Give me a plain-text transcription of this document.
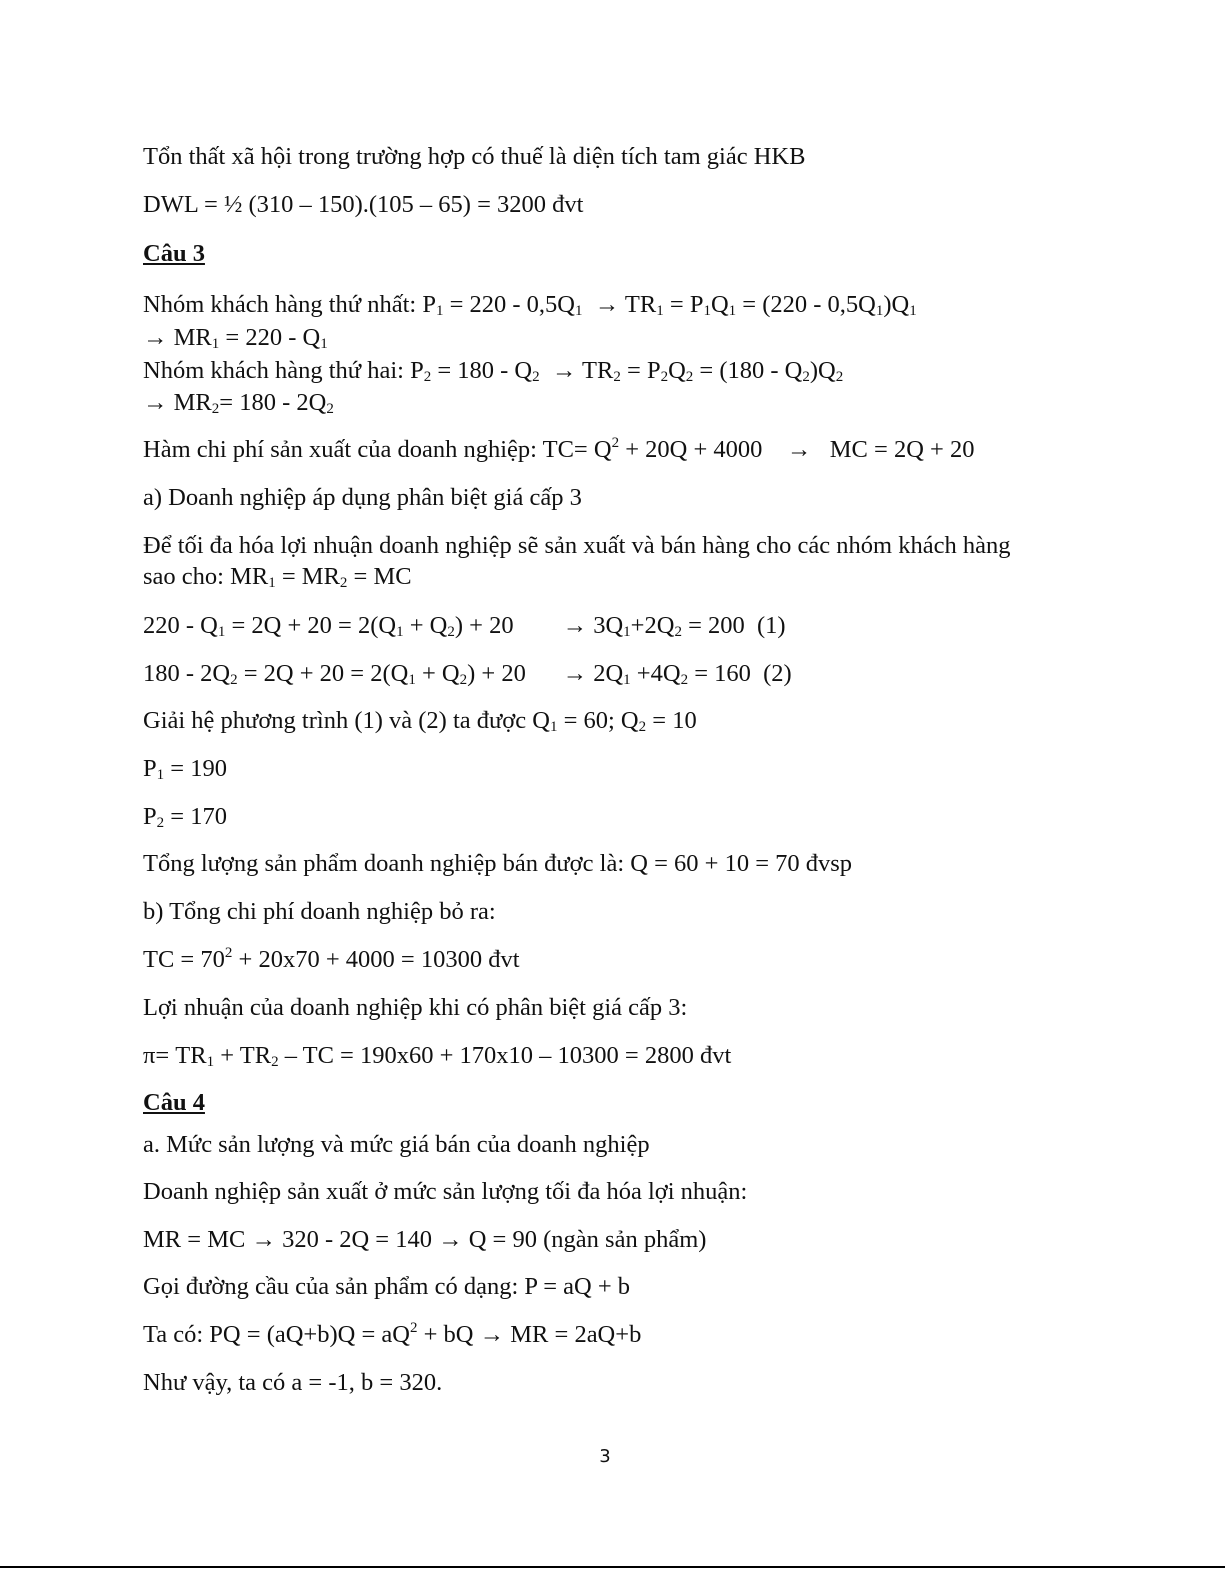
Tổn thất xã hội trong trường hợp có thuế là diện tích tam giác HKB
DWL = ½ (310 – 150).(105 – 65) = 3200 đvt
Câu 3
Nhóm khách hàng thứ nhất: $P_1 = 220 - 0,5Q_1 \to TR_1 = P_1Q_1 = (220 - 0,5Q_1)Q_1$
→ $MR_1 = 220 - Q_1$
Nhóm khách hàng thứ hai: $P_2 = 180 - Q_2 \to TR_2 = P_2Q_2 = (180 - Q_2)Q_2$
→ $MR_2= 180 - 2Q_2$
Hàm chi phí sản xuất của doanh nghiệp: $TC= Q^2 + 20Q + 4000$    →   MC = 2Q + 20
a) Doanh nghiệp áp dụng phân biệt giá cấp 3
Để tối đa hóa lợi nhuận doanh nghiệp sẽ sản xuất và bán hàng cho các nhóm khách hàng
sao cho: $MR_1 = MR_2$ = MC
$220 - Q_1 = 2Q + 20 = 2(Q_1 + Q_2) + 20$        → $3Q_1+2Q_2 = 200$  (1)
$180 - 2Q_2 = 2Q + 20 = 2(Q_1 + Q_2) + 20$      → $2Q_1 +4Q_2 = 160$  (2)
Giải hệ phương trình (1) và (2) ta được $Q_1 = 60$; $Q_2 = 10$
$P_1 = 190$
$P_2 = 170$
Tổng lượng sản phẩm doanh nghiệp bán được là: Q = 60 + 10 = 70 đvsp
b) Tổng chi phí doanh nghiệp bỏ ra:
TC = $70^2 + 20x70 + 4000 = 10300$ đvt
Lợi nhuận của doanh nghiệp khi có phân biệt giá cấp 3:
$\pi= TR_1 + TR_2$ – TC = 190x60 + 170x10 – 10300 = 2800 đvt
Câu 4
a. Mức sản lượng và mức giá bán của doanh nghiệp
Doanh nghiệp sản xuất ở mức sản lượng tối đa hóa lợi nhuận:
MR = MC → 320 - 2Q = 140 → Q = 90 (ngàn sản phẩm)
Gọi đường cầu của sản phẩm có dạng: P = aQ + b
Ta có: PQ = $(aQ+b)Q = aQ^2$ + bQ → MR = 2aQ+b
Như vậy, ta có a = -1, b = 320.
3
